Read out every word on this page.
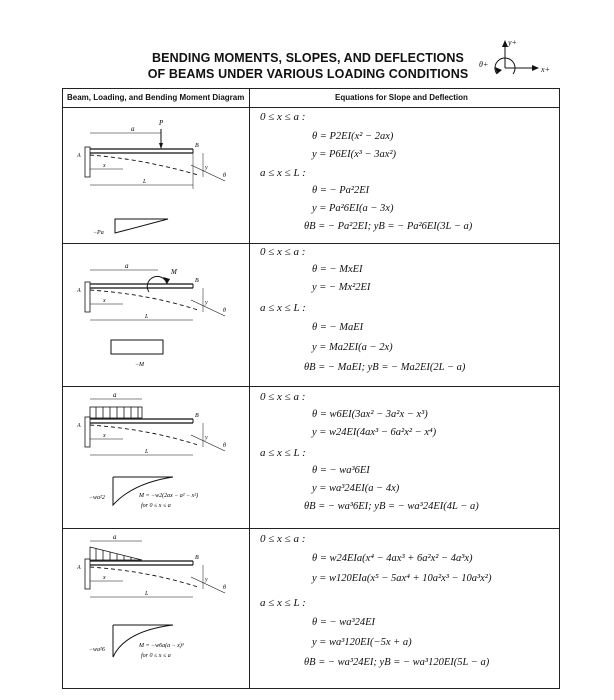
BENDING MOMENTS, SLOPES, AND DEFLECTIONS
OF BEAMS UNDER VARIOUS LOADING CONDITIONS
y+
x+
θ+
Beam, Loading, and Bending Moment Diagram	Equations for Slope and Deflection
a
P
A
B
x
L
y
θ
−Pa
0 ≤ x ≤ a :
θ = P2EI(x² − 2ax)
y = P6EI(x³ − 3ax²)
a ≤ x ≤ L :
θ = − Pa²2EI
y = Pa²6EI(a − 3x)
θB = − Pa²2EI; yB = − Pa²6EI(3L − a)
a
M
A
B
x
L
y
θ
−M
0 ≤ x ≤ a :
θ = − MxEI
y = − Mx²2EI
a ≤ x ≤ L :
θ = − MaEI
y = Ma2EI(a − 2x)
θB = − MaEI; yB = − Ma2EI(2L − a)
a
A
B
x
L
y
θ
M = −w2(2ax − a² − x²)
for 0 ≤ x ≤ a
−wa²2
0 ≤ x ≤ a :
θ = w6EI(3ax² − 3a²x − x³)
y = w24EI(4ax³ − 6a²x² − x⁴)
a ≤ x ≤ L :
θ = − wa³6EI
y = wa³24EI(a − 4x)
θB = − wa³6EI; yB = − wa³24EI(4L − a)
a
A
B
x
L
y
θ
M = −w6a(a − x)³
for 0 ≤ x ≤ a
−wa²6
0 ≤ x ≤ a :
θ = w24EIa(x⁴ − 4ax³ + 6a²x² − 4a³x)
y = w120EIa(x⁵ − 5ax⁴ + 10a²x³ − 10a³x²)
a ≤ x ≤ L :
θ = − wa³24EI
y = wa³120EI(−5x + a)
θB = − wa³24EI; yB = − wa³120EI(5L − a)
